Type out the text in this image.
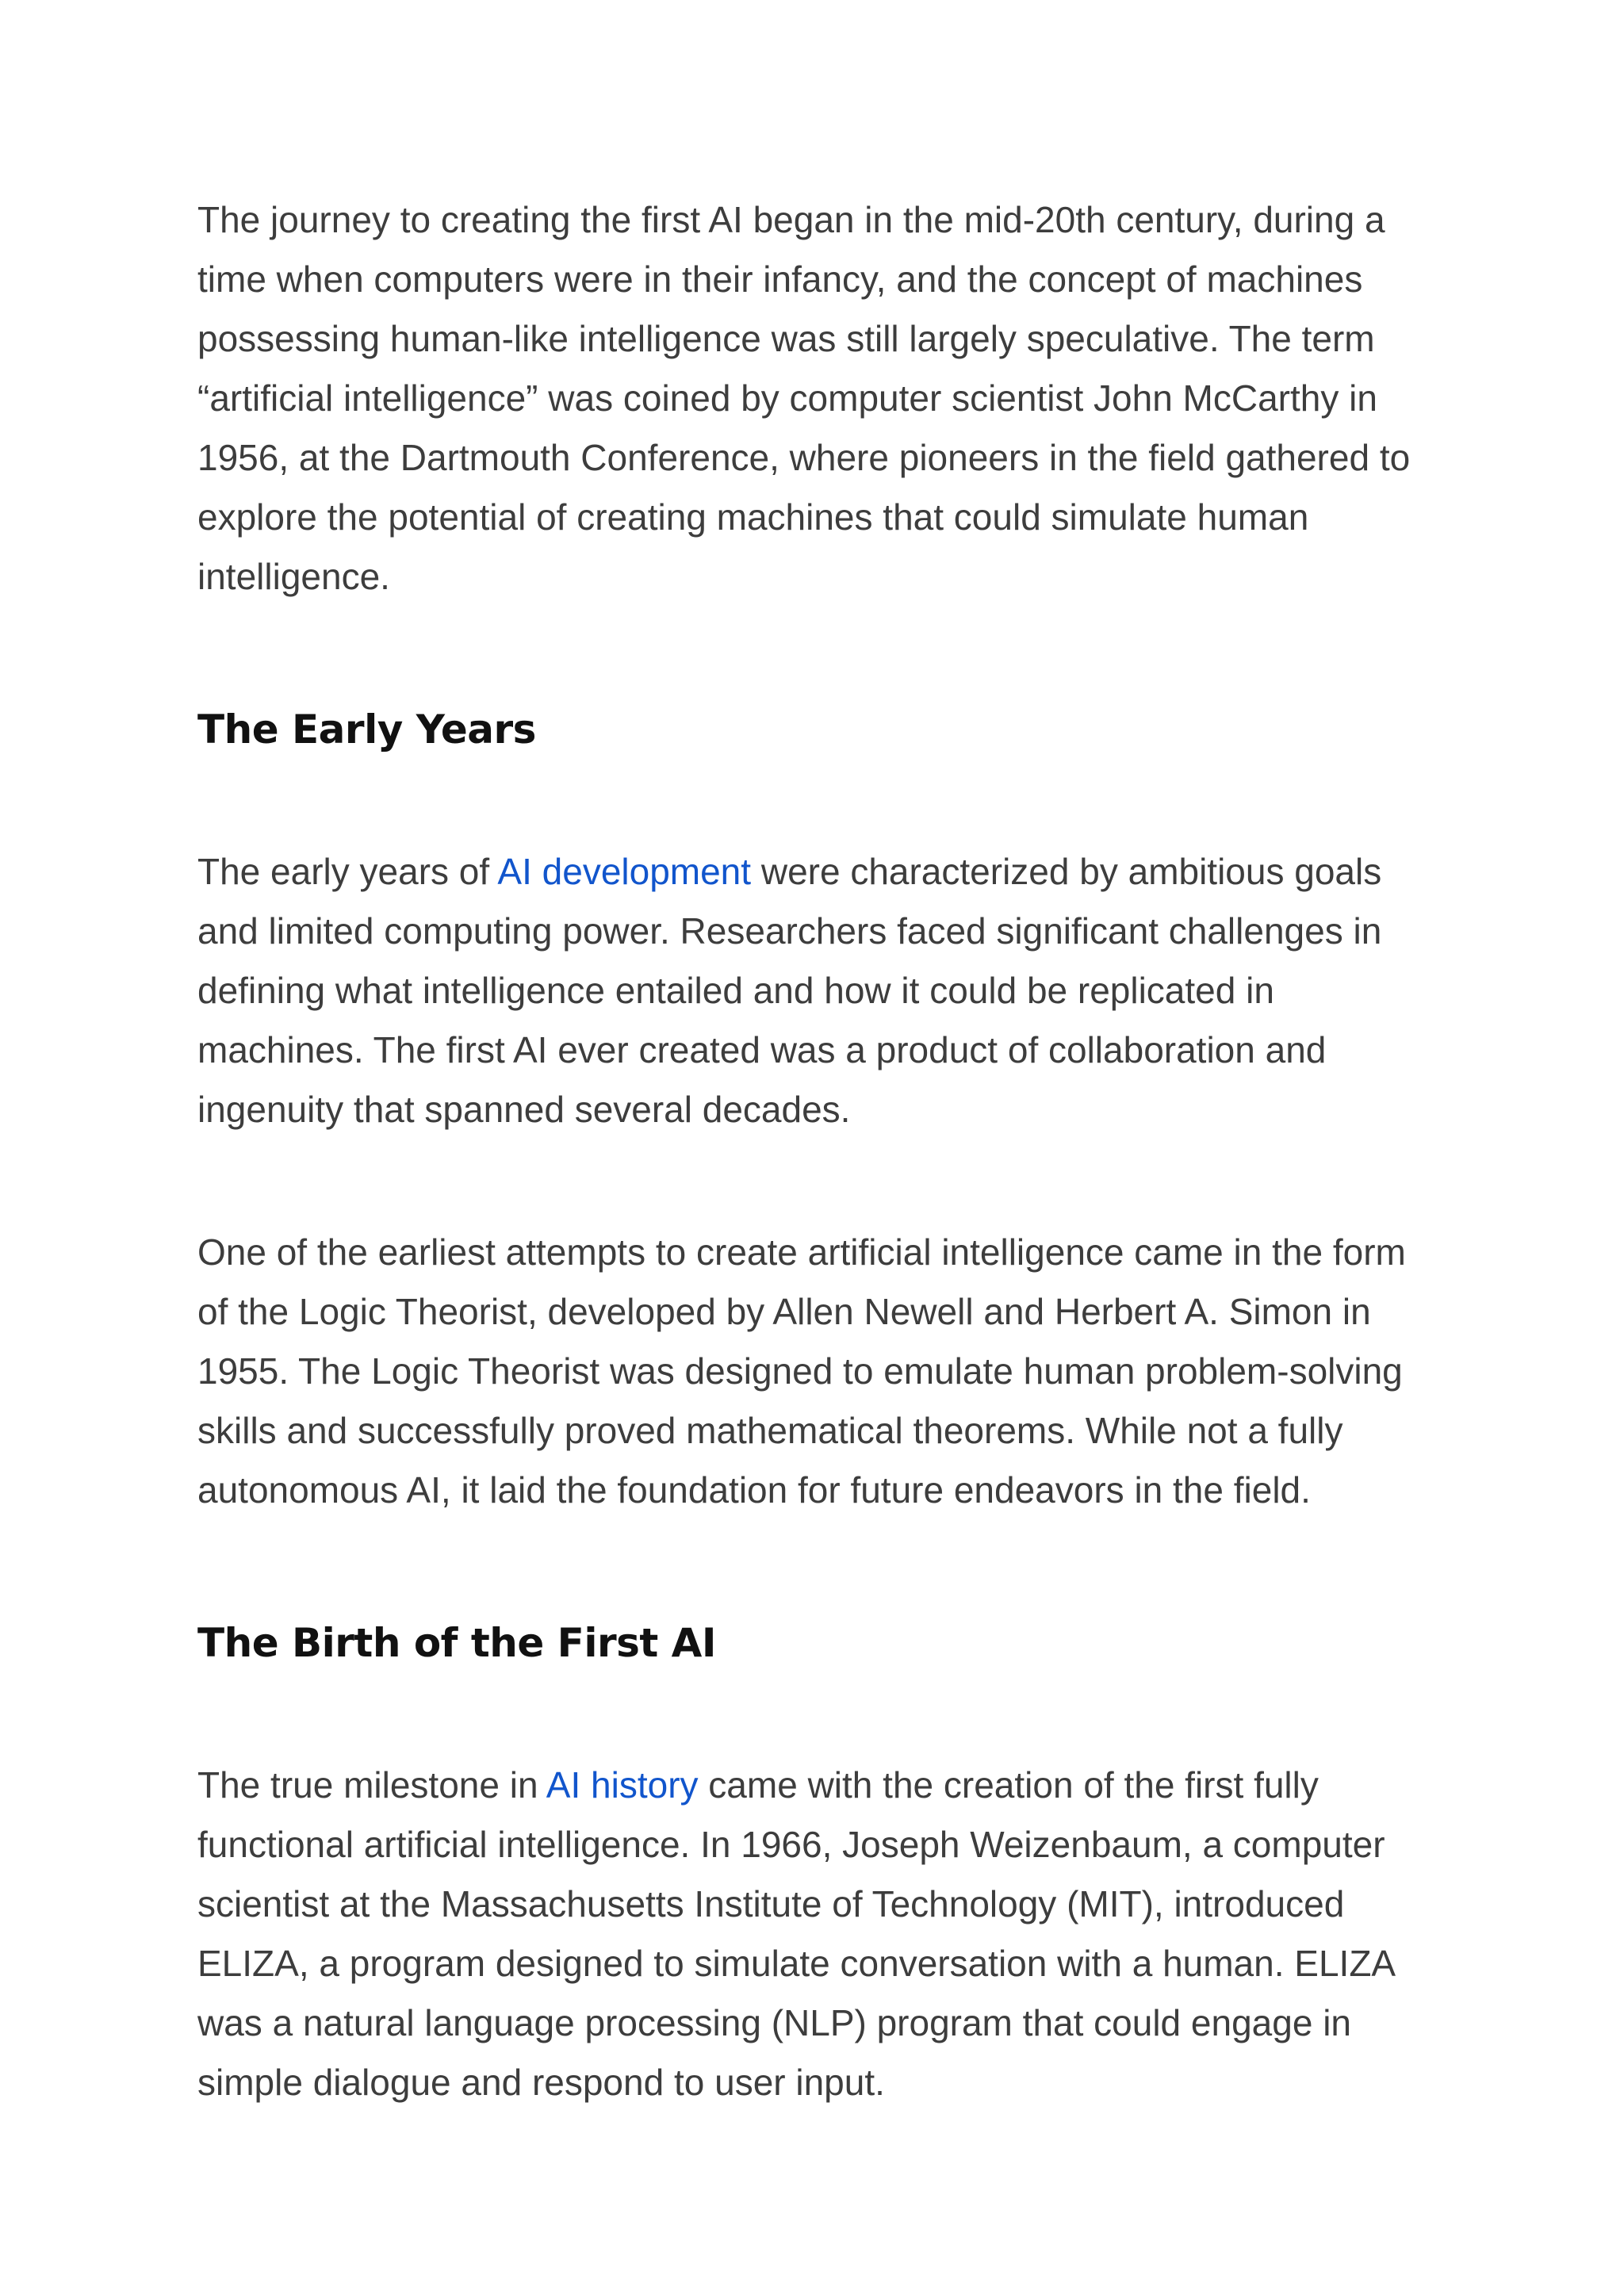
The journey to creating the first AI began in the mid-20th century, during a time when computers were in their infancy, and the concept of machines possessing human-like intelligence was still largely speculative. The term “artificial intelligence” was coined by computer scientist John McCarthy in 1956, at the Dartmouth Conference, where pioneers in the field gathered to explore the potential of creating machines that could simulate human intelligence.

The Early Years

The early years of AI development were characterized by ambitious goals and limited computing power. Researchers faced significant challenges in defining what intelligence entailed and how it could be replicated in machines. The first AI ever created was a product of collaboration and ingenuity that spanned several decades.

One of the earliest attempts to create artificial intelligence came in the form of the Logic Theorist, developed by Allen Newell and Herbert A. Simon in 1955. The Logic Theorist was designed to emulate human problem-solving skills and successfully proved mathematical theorems. While not a fully autonomous AI, it laid the foundation for future endeavors in the field.

The Birth of the First AI

The true milestone in AI history came with the creation of the first fully functional artificial intelligence. In 1966, Joseph Weizenbaum, a computer scientist at the Massachusetts Institute of Technology (MIT), introduced ELIZA, a program designed to simulate conversation with a human. ELIZA was a natural language processing (NLP) program that could engage in simple dialogue and respond to user input.
